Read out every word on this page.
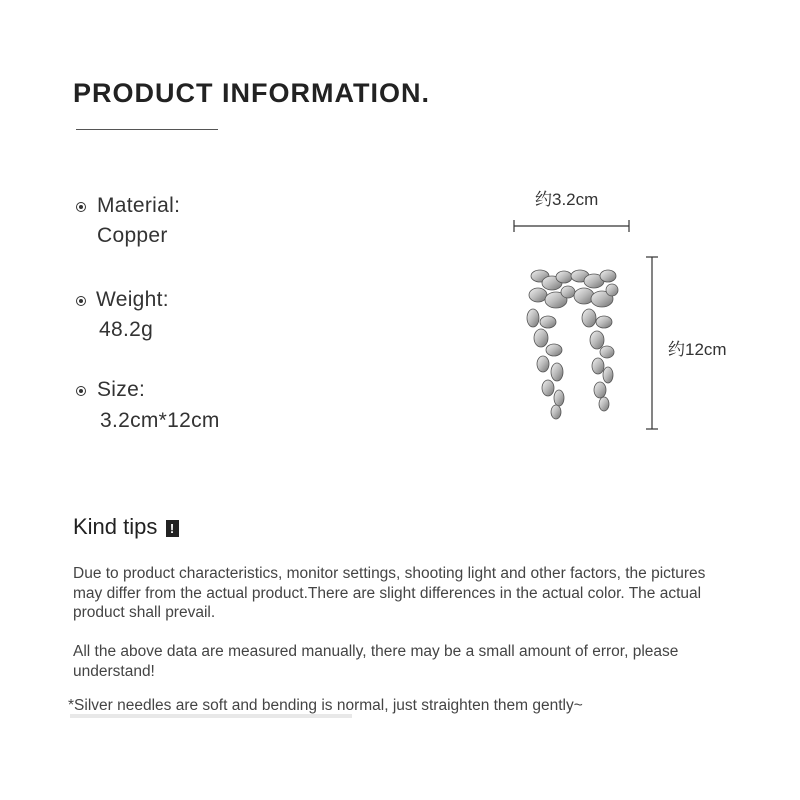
PRODUCT INFORMATION.
Material:
Copper
Weight:
48.2g
Size:
3.2cm*12cm
约3.2cm
约12cm
Kind tips !
Due to product characteristics, monitor settings, shooting light and other factors, the pictures may differ from the actual product.There are slight differences in the actual color. The actual product shall prevail.
All the above data are measured manually, there may be a small amount of error, please understand!
*Silver needles are soft and bending is normal, just straighten them gently~
